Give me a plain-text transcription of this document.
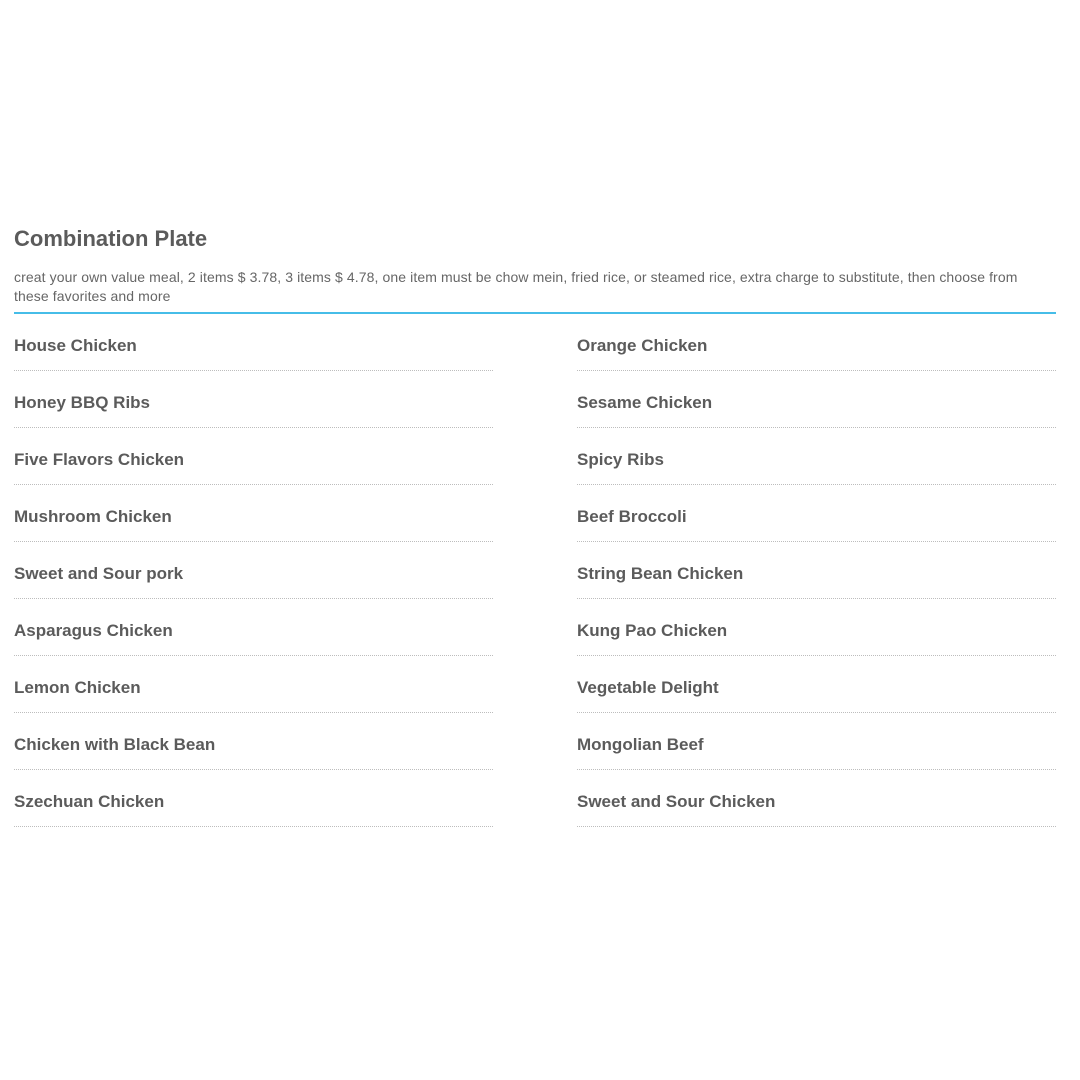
Combination Plate

creat your own value meal, 2 items $ 3.78, 3 items $ 4.78, one item must be chow mein, fried rice, or steamed rice, extra charge to substitute, then choose from these favorites and more

House Chicken	Orange Chicken
Honey BBQ Ribs	Sesame Chicken
Five Flavors Chicken	Spicy Ribs
Mushroom Chicken	Beef Broccoli
Sweet and Sour pork	String Bean Chicken
Asparagus Chicken	Kung Pao Chicken
Lemon Chicken	Vegetable Delight
Chicken with Black Bean	Mongolian Beef
Szechuan Chicken	Sweet and Sour Chicken
